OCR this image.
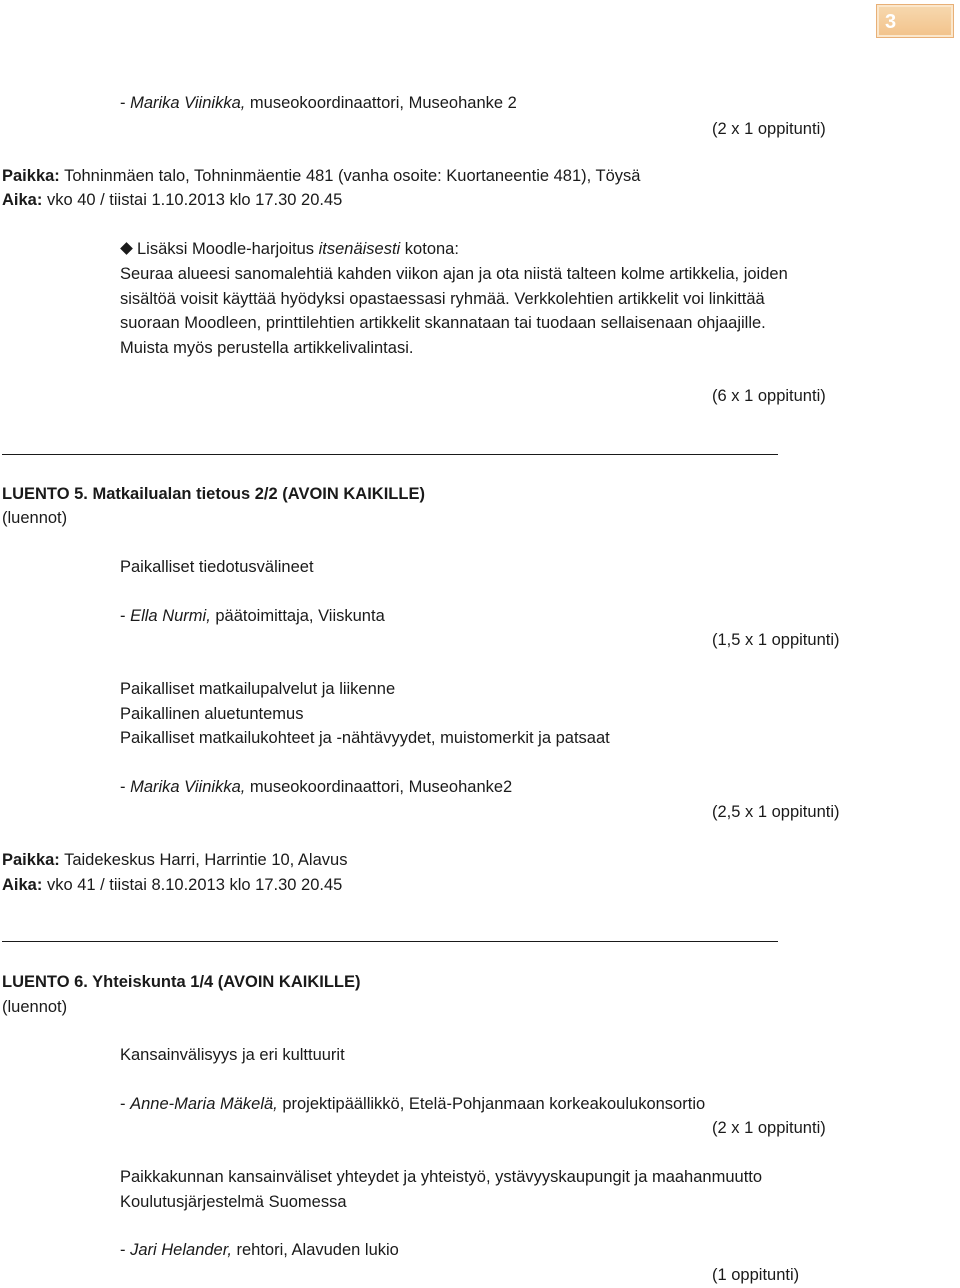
3
- Marika Viinikka, museokoordinaattori, Museohanke 2
(2 x 1 oppitunti)
Paikka: Tohninmäen talo, Tohninmäentie 481 (vanha osoite: Kuortaneentie 481), Töysä
Aika: vko 40 / tiistai 1.10.2013 klo 17.30 20.45
Lisäksi Moodle-harjoitus itsenäisesti kotona:
Seuraa alueesi sanomalehtiä kahden viikon ajan ja ota niistä talteen kolme artikkelia, joiden
sisältöä voisit käyttää hyödyksi opastaessasi ryhmää. Verkkolehtien artikkelit voi linkittää
suoraan Moodleen, printtilehtien artikkelit skannataan tai tuodaan sellaisenaan ohjaajille.
Muista myös perustella artikkelivalintasi.
(6 x 1 oppitunti)
LUENTO 5. Matkailualan tietous 2/2 (AVOIN KAIKILLE)
(luennot)
Paikalliset tiedotusvälineet
- Ella Nurmi, päätoimittaja, Viiskunta
(1,5 x 1 oppitunti)
Paikalliset matkailupalvelut ja liikenne
Paikallinen aluetuntemus
Paikalliset matkailukohteet ja -nähtävyydet, muistomerkit ja patsaat
- Marika Viinikka, museokoordinaattori, Museohanke2
(2,5 x 1 oppitunti)
Paikka: Taidekeskus Harri, Harrintie 10, Alavus
Aika: vko 41 / tiistai 8.10.2013 klo 17.30 20.45
LUENTO 6. Yhteiskunta 1/4 (AVOIN KAIKILLE)
(luennot)
Kansainvälisyys ja eri kulttuurit
- Anne-Maria Mäkelä, projektipäällikkö, Etelä-Pohjanmaan korkeakoulukonsortio
(2 x 1 oppitunti)
Paikkakunnan kansainväliset yhteydet ja yhteistyö, ystävyyskaupungit ja maahanmuutto
Koulutusjärjestelmä Suomessa
- Jari Helander, rehtori, Alavuden lukio
(1 oppitunti)
